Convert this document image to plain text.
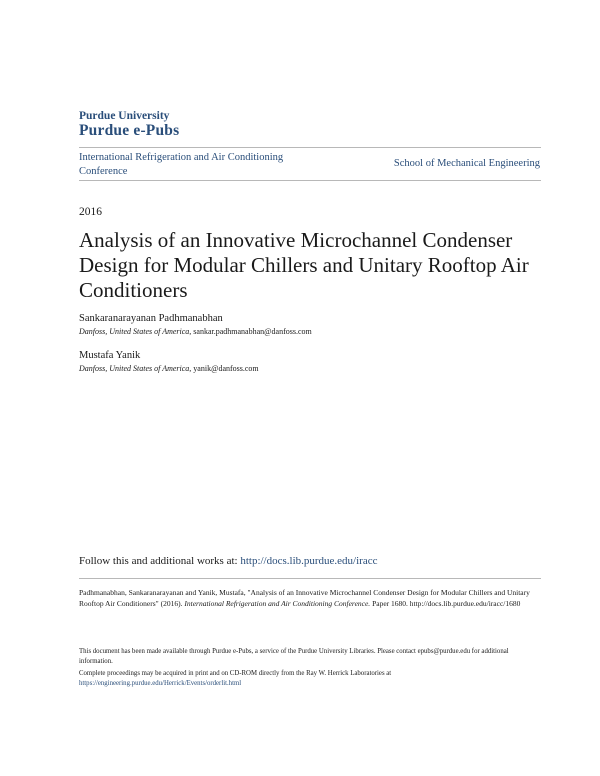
Purdue University
Purdue e-Pubs
International Refrigeration and Air Conditioning Conference
School of Mechanical Engineering
2016
Analysis of an Innovative Microchannel Condenser Design for Modular Chillers and Unitary Rooftop Air Conditioners
Sankaranarayanan Padhmanabhan
Danfoss, United States of America, sankar.padhmanabhan@danfoss.com
Mustafa Yanik
Danfoss, United States of America, yanik@danfoss.com
Follow this and additional works at: http://docs.lib.purdue.edu/iracc
Padhmanabhan, Sankaranarayanan and Yanik, Mustafa, "Analysis of an Innovative Microchannel Condenser Design for Modular Chillers and Unitary Rooftop Air Conditioners" (2016). International Refrigeration and Air Conditioning Conference. Paper 1680. http://docs.lib.purdue.edu/iracc/1680

This document has been made available through Purdue e-Pubs, a service of the Purdue University Libraries. Please contact epubs@purdue.edu for additional information.

Complete proceedings may be acquired in print and on CD-ROM directly from the Ray W. Herrick Laboratories at https://engineering.purdue.edu/Herrick/Events/orderlit.html
